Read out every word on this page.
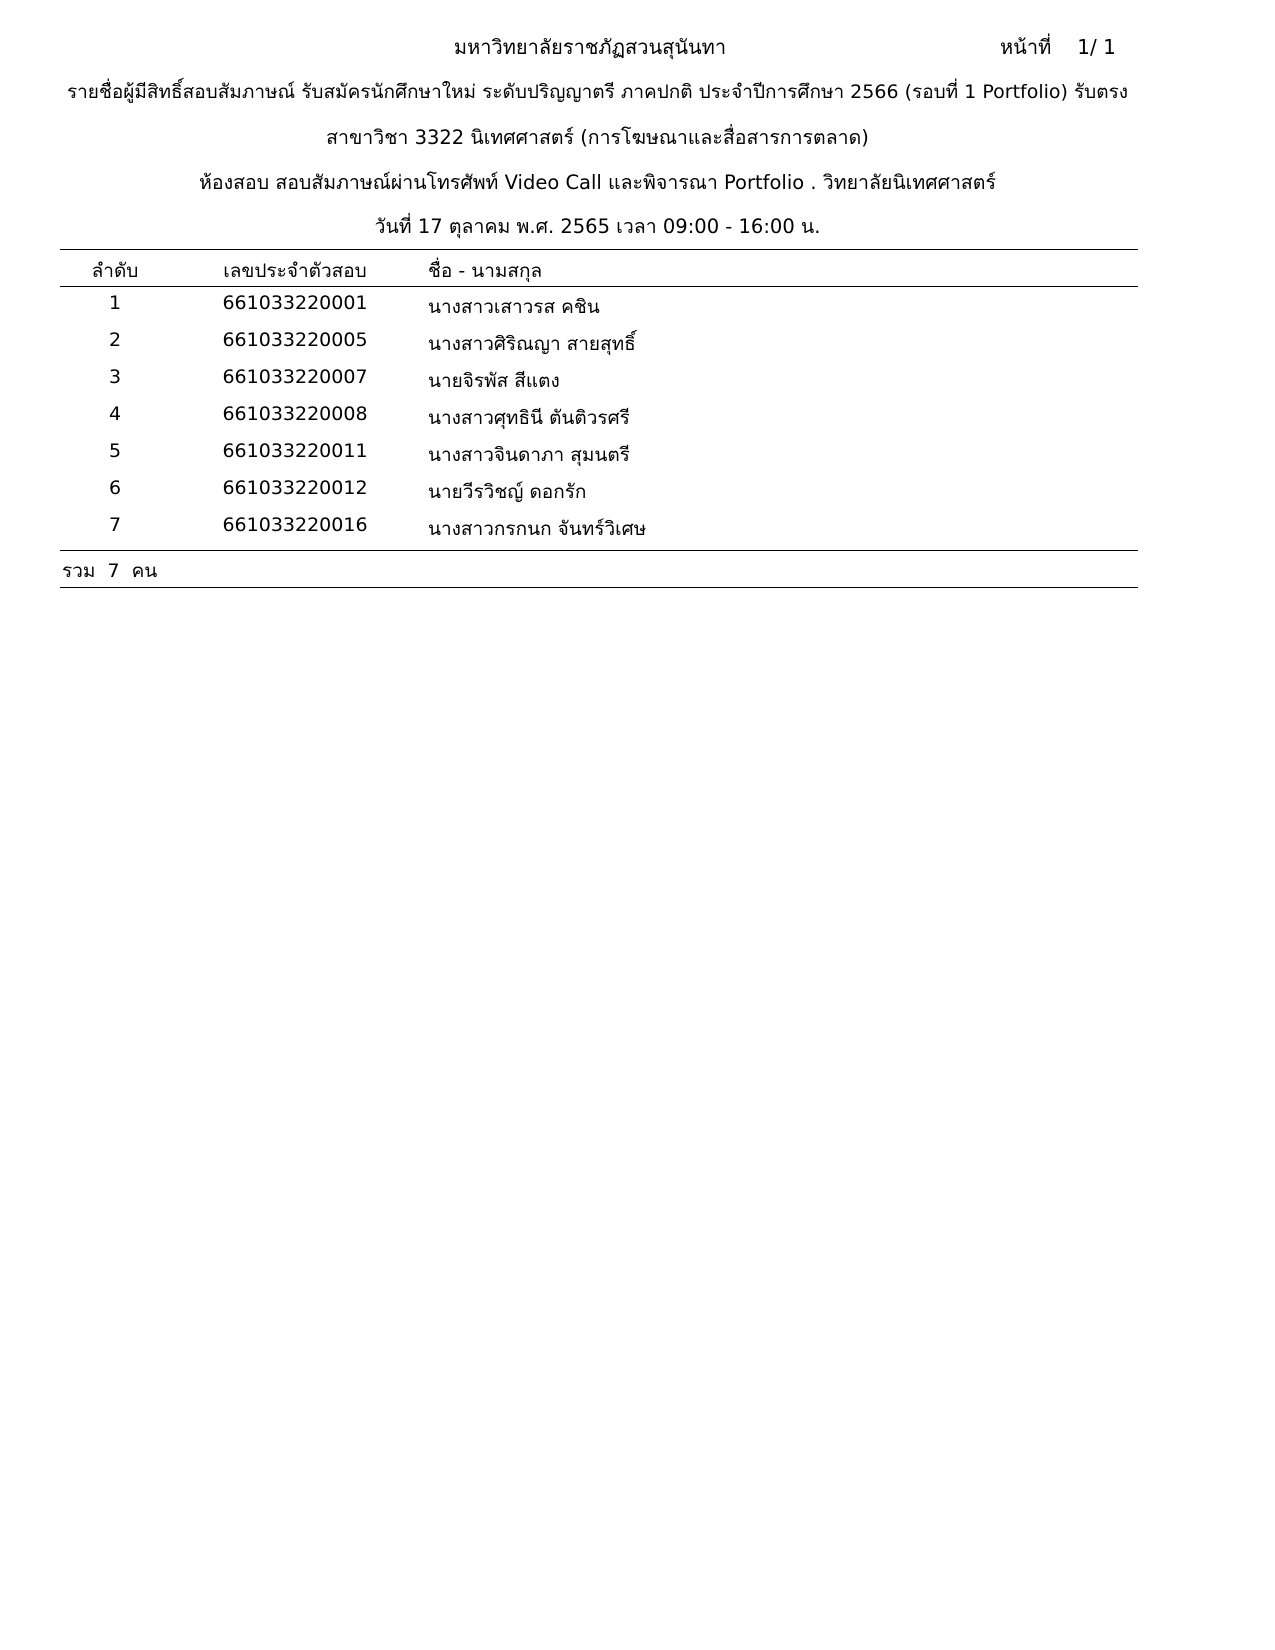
มหาวิทยาลัยราชภัฏสวนสุนันทา	หน้าที่ 1/ 1
รายชื่อผู้มีสิทธิ์สอบสัมภาษณ์ รับสมัครนักศึกษาใหม่ ระดับปริญญาตรี ภาคปกติ ประจำปีการศึกษา 2566 (รอบที่ 1 Portfolio) รับตรง
สาขาวิชา 3322 นิเทศศาสตร์ (การโฆษณาและสื่อสารการตลาด)
ห้องสอบ สอบสัมภาษณ์ผ่านโทรศัพท์ Video Call และพิจารณา Portfolio . วิทยาลัยนิเทศศาสตร์
วันที่ 17 ตุลาคม พ.ศ. 2565 เวลา 09:00 - 16:00 น.
ลำดับ	เลขประจำตัวสอบ	ชื่อ - นามสกุล
1	661033220001	นางสาวเสาวรส คชิน
2	661033220005	นางสาวศิริณญา สายสุทธิ์
3	661033220007	นายจิรพัส สีแตง
4	661033220008	นางสาวศุทธินี ตันติวรศรี
5	661033220011	นางสาวจินดาภา สุมนตรี
6	661033220012	นายวีรวิชญ์ ดอกรัก
7	661033220016	นางสาวกรกนก จันทร์วิเศษ
รวม 7 คน
